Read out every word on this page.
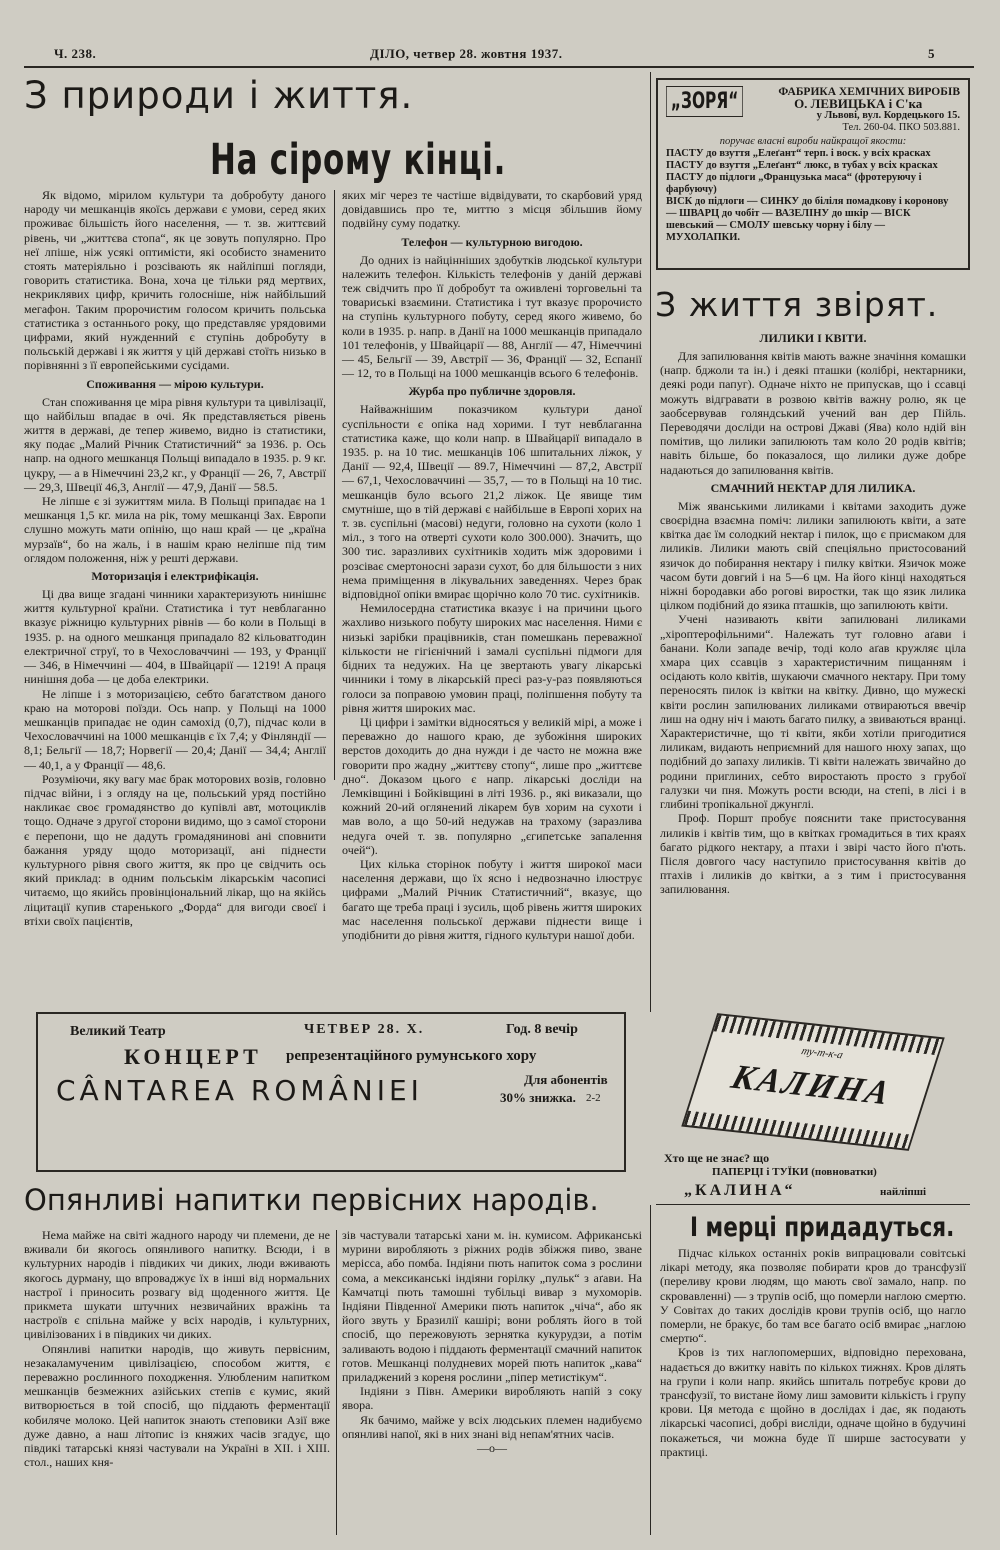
Ч. 238.	ДІЛО, четвер 28. жовтня 1937.	5
З природи і життя.
На сірому кінці.

Як відомо, мірилом культури та добробуту даного народу чи мешканців якоїсь держави є умови, серед яких проживає більшість його населення, — т. зв. життєвий рівень, чи „життєва стопа“, як це зовуть популярно. Про неї лпіше, ніж усякі оптимісти, які особисто знаменито стоять матеріяльно і розсівають як найліпші погляди, говорить статистика. Вона, хоча це тільки ряд мертвих, некриклявих цифр, кричить голосніше, ніж найбільший мегафон. Таким пророчистим голосом кричить польська статистика з останнього року, що представляє урядовими цифрами, який нужденний є ступінь добробуту в польській державі і як життя у цій державі стоїть низько в порівнянні з її европейськими сусідами.

Споживання — мірою культури.

Стан споживання це міра рівня культури та цивілізації, що найбільш впадає в очі. Як представляється рівень життя в державі, де тепер живемо, видно із статистики, яку подає „Малий Річник Статистичний“ за 1936. р. Ось напр. на одного мешканця Польщі випадало в 1935. р. 9 кг. цукру, — а в Німеччині 23,2 кг., у Франції — 26, 7, Австрії — 29,3, Швеції 46,3, Англії — 47,9, Данії — 58.5.

Не ліпше є зі зужиттям мила. В Польщі припадає на 1 мешканця 1,5 кг. мила на рік, тому мешканці Зах. Европи слушно можуть мати опінію, що наш край — це „країна мурзаїв“, бо на жаль, і в нашім краю неліпше під тим оглядом положення, ніж у решті держави.

Моторизація і електрифікація.

Ці два вище згадані чинники характеризують нинішнє життя культурної країни. Статистика і тут невблаганно вказує ріжницю культурних рівнів — бо коли в Польщі в 1935. р. на одного мешканця припадало 82 кільоватгодин електричної струї, то в Чехословаччині — 193, у Франції — 346, в Німеччині — 404, в Швайцарії — 1219! А праця нинішня доба — це доба електрики.

Не ліпше і з моторизацією, себто багатством даного краю на моторові поїзди. Ось напр. у Польщі на 1000 мешканців припадає не один самохід (0,7), підчас коли в Чехословаччині на 1000 мешканців є їх 7,4; у Фінляндії — 8,1; Бельгії — 18,7; Норвегії — 20,4; Данії — 34,4; Англії — 40,1, а у Франції — 48,6.

Розуміючи, яку вагу має брак моторових возів, головно підчас війни, і з огляду на це, польський уряд постійно накликає своє громадянство до купівлі авт, мотоциклів тощо. Одначе з другої сторони видимо, що з самої сторони є перепони, що не дадуть громадянинові ані сповнити бажання уряду щодо моторизації, ані піднести культурного рівня свого життя, як про це свідчить ось який приклад: в одним польськім лікарськім часописі читаємо, що якийсь провінціональний лікар, що на якійсь ліцитації купив старенького „Форда“ для вигоди своєї і втіхи своїх пацієнтів,

яких міг через те частіше відвідувати, то скарбовий уряд довідавшись про те, миттю з місця збільшив йому подвійну суму податку.

Телефон — культурною вигодою.

До одних із найцінніших здобутків людської культури належить телефон. Кількість телефонів у даній державі теж свідчить про її добробут та оживлені торговельні та товариські взаємини. Статистика і тут вказує пророчисто на ступінь культурного побуту, серед якого живемо, бо коли в 1935. р. напр. в Данії на 1000 мешканців припадало 101 телефонів, у Швайцарії — 88, Англії — 47, Німеччині — 45, Бельгії — 39, Австрії — 36, Франції — 32, Еспанії — 12, то в Польщі на 1000 мешканців всього 6 телефонів.

Журба про публичне здоровля.

Найважнішим показчиком культури даної суспільности є опіка над хорими. І тут невблаганна статистика каже, що коли напр. в Швайцарії випадало в 1935. р. на 10 тис. мешканців 106 шпитальних ліжок, у Данії — 92,4, Швеції — 89.7, Німеччині — 87,2, Австрії — 67,1, Чехословаччині — 35,7, — то в Польщі на 10 тис. мешканців було всього 21,2 ліжок. Це явище тим смутніше, що в тій державі є найбільше в Европі хорих на т. зв. суспільні (масові) недуги, головно на сухоти (коло 1 міл., з того на отверті сухоти коло 300.000). Значить, що 300 тис. заразливих сухітників ходить між здоровими і розсіває смертоносні зарази сухот, бо для більшости з них нема приміщення в лікувальних заведеннях. Через брак відповідної опіки вмирає щорічно коло 70 тис. сухітників.

Немилосердна статистика вказує і на причини цього жахливо низького побуту широких мас населення. Ними є низькі зарібки працівників, стан помешкань переважної кількости не гігієнічний і замалі суспільні підмоги для бідних та недужих. На це звертають увагу лікарські чинники і тому в лікарській пресі раз-у-раз появляються голоси за поправою умовин праці, поліпшення побуту та рівня життя широких мас.

Ці цифри і замітки відносяться у великій мірі, а може і переважно до нашого краю, де зубожіння широких верстов доходить до дна нужди і де часто не можна вже говорити про жадну „життєву стопу“, лише про „життєве дно“. Доказом цього є напр. лікарські досліди на Лемківщині і Бойківщині в літі 1936. р., які виказали, що кожний 20-ий оглянений лікарем був хорим на сухоти і мав воло, а що 50-ий недужав на трахому (заразлива недуга очей т. зв. популярно „єгипетське запалення очей“).

Цих кілька сторінок побуту і життя широкої маси населення держави, що їх ясно і недвозначно ілюструє цифрами „Малий Річник Статистичний“, вказує, що багато ще треба праці і зусиль, щоб рівень життя широких мас населення польської держави піднести вище і уподібнити до рівня життя, гідного культури нашої доби.

„ЗОРЯ“	ФАБРИКА ХЕМІЧНИХ ВИРОБІВ
О. ЛЕВИЦЬКА і С'ка
у Львові, вул. Кордецького 15.
Тел. 260-04. ПКО 503.881.
поручає власні вироби найкращої якости:
ПАСТУ до взуття „Елеґант“ терп. і воск. у всіх красках
ПАСТУ до взуття „Елеґант“ люкс, в тубах у всіх красках
ПАСТУ до підлоги „Французька маса“ (фротеруючу і фарбуючу)
ВІСК до підлоги — СИНКУ до біліля помадкову і коронову — ШВАРЦ до чобіт — ВАЗЕЛІНУ до шкір — ВІСК шевський — СМОЛУ шевську чорну і білу — МУХОЛАПКИ.
З життя звірят.
ЛИЛИКИ І КВІТИ.

Для запилювання квітів мають важне значіння комашки (напр. бджоли та ін.) і деякі пташки (колібрі, нектарники, деякі роди папуг). Одначе ніхто не припускав, що і ссавці можуть відгравати в розвою квітів важну ролю, як це заобсервував голяндський учений ван дер Пійль. Переводячи досліди на острові Джаві (Ява) коло ндій він помітив, що лилики запилюють там коло 20 родів квітів; навіть більше, бо показалося, що лилики дуже добре надаються до запилювання квітів.

СМАЧНИЙ НЕКТАР ДЛЯ ЛИЛИКА.

Між яванськими лиликами і квітами заходить дуже своєрідна взаємна поміч: лилики запилюють квіти, а зате квітка дає їм солодкий нектар і пилок, що є присмаком для лиликів. Лилики мають свій спеціяльно пристосований язичок до побирання нектару і пилку квітки. Язичок може часом бути довгий і на 5—6 цм. На його кінці находяться ніжні бородавки або рогові виростки, так що язик лилика цілком подібний до язика пташків, що запилюють квіти.

Учені називають квіти запилювані лиликами „хіроптерофільними“. Належать тут головно аґави і банани. Коли западе вечір, тоді коло аґав кружляє ціла хмара цих ссавців з характеристичним пищанням і осідають коло квітів, шукаючи смачного нектару. При тому переносять пилок із квітки на квітку. Дивно, що мужескі квіти рослин запилюваних лиликами отвираються ввечір лиш на одну ніч і мають багато пилку, а звиваються вранці. Характеристичне, що ті квіти, якби хотіли пригодитися лиликам, видають неприємний для нашого нюху запах, що подібний до запаху лиликів. Ті квіти належать звичайно до родини приглиних, себто виростають просто з грубої галузки чи пня. Можуть рости всюди, на степі, в лісі і в глибині тропікальної джунглі.

Проф. Поршт пробує пояснити таке пристосування лиликів і квітів тим, що в квітках громадиться в тих краях багато рідкого нектару, а птахи і звірі часто його п'ють. Після довгого часу наступило пристосування квітів до птахів і лиликів до квітки, а з тим і пристосування запилювання.

ту-т-к-а
КАЛИНА
Хто ще не знає? що
ПАПЕРЦІ і ТУЇКИ (повноватки)
„КАЛИНА“	найліпші
Великий Театр	ЧЕТВЕР 28. Х.	Год. 8 вечір
КОНЦЕРТ репрезентаційного румунського хору
CÂNTAREA ROMÂNIEI	Для абонентів
30% знижка. 2-2
Опянливі напитки первісних народів.

Нема майже на світі жадного народу чи племени, де не вживали би якогось опянливого напитку. Всюди, і в культурних народів і півдиких чи диких, люди вживають якогось дурману, що впроваджує їх в інші від нормальних настрої і приносить розвагу від щоденного життя. Це прикмета шукати штучних незвичайних вражінь та настроїв є спільна майже у всіх народів, і культурних, цивілізованих і в півдиких чи диких.

Опянливі напитки народів, що живуть первісним, незакаламученим цивілізацією, способом життя, є переважно рослинного походження. Улюбленим напитком мешканців безмежних азійських степів є кумис, який витворюється в той спосіб, що піддають ферментації кобиляче молоко. Цей напиток знають степовики Азії вже дуже давно, а наш літопис із княжих часів згадує, що півдикі татарські князі частували на Україні в XII. і XIII. стол., наших кня-

зів частували татарські хани м. ін. кумисом. Африканські мурини виробляють з ріжних родів збіжжя пиво, зване мерісса, або помба. Індіяни пють напиток сома з рослини сома, а мексиканські індіяни горілку „пульк“ з аґави. На Камчатці пють тамошні тубільці вивар з мухоморів. Індіяни Південної Америки пють напиток „чіча“, або як його звуть у Бразилії кашірі; вони роблять його в той спосіб, що пережовують зернятка кукурудзи, а потім заливають водою і піддають ферментації смачний напиток готов. Мешканці полудневих морей пють напиток „кава“ приладжений з кореня рослини „піпер метистікум“.

Індіяни з Півн. Америки виробляють напій з соку явора.

Як бачимо, майже у всіх людських племен надибуємо опянливі напої, які в них знані від непам'ятних часів.

—о—
І мерці придадуться.

Підчас кількох останніх років випрацювали совітські лікарі методу, яка позволяє побирати кров до трансфузії (переливу крови людям, що мають свої замало, напр. по скровавленні) — з трупів осіб, що померли наглою смертю. У Совітах до таких дослідів крови трупів осіб, що нагло померли, не бракує, бо там все багато осіб вмирає „наглою смертю“.

Кров із тих наглопомерших, відповідно перехована, надається до вжитку навіть по кількох тижнях. Кров ділять на групи і коли напр. якийсь шпиталь потребує крови до трансфузії, то вистане йому лиш замовити кількість і групу крови. Ця метода є щойно в дослідах і дає, як подають лікарські часописі, добрі висліди, одначе щойно в будучині покажеться, чи можна буде її ширше застосувати у практиці.
